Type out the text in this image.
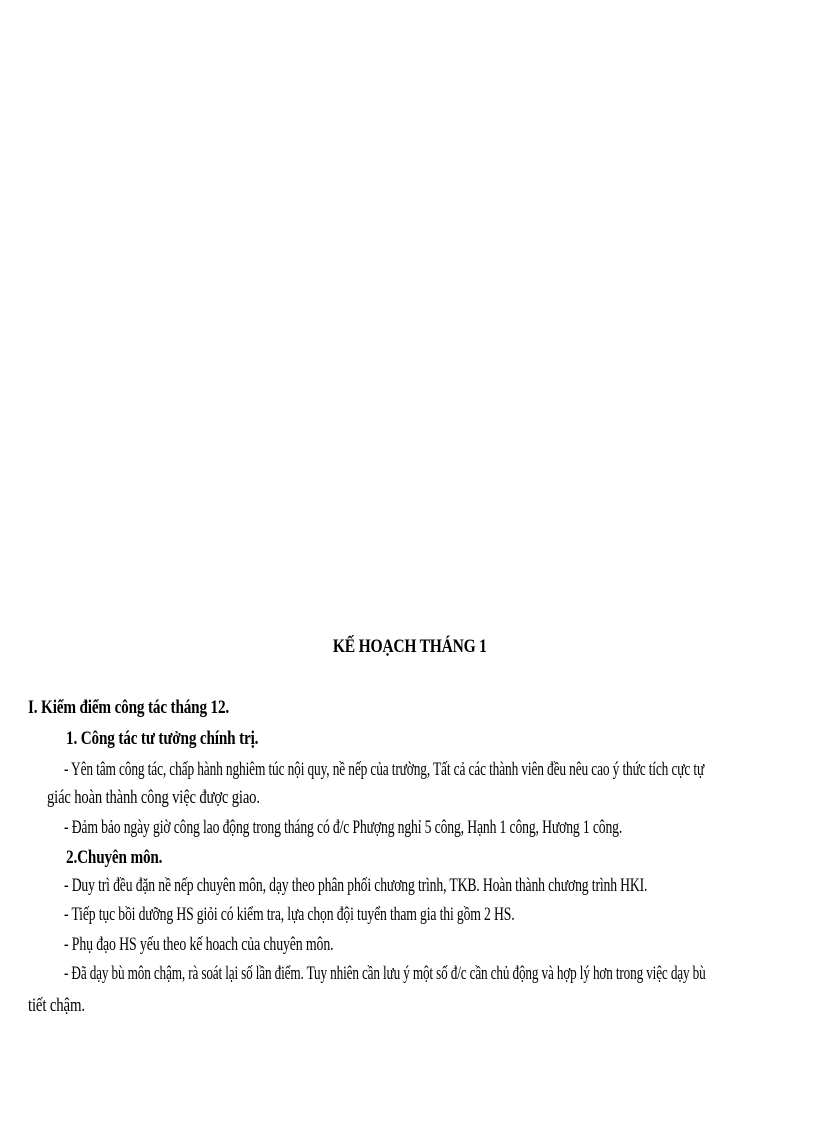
KẾ HOẠCH THÁNG 1
I. Kiểm điểm công tác tháng 12.
1. Công tác tư tưởng chính trị.
- Yên tâm công tác, chấp hành nghiêm túc nội quy, nề nếp của trường, Tất cả các thành viên đều nêu cao ý thức tích cực tự
giác hoàn thành công việc được giao.
- Đảm bảo ngày giờ công lao động trong tháng có đ/c Phượng nghỉ 5 công, Hạnh 1 công, Hương 1 công.
2.Chuyên môn.
- Duy trì đều đặn nề nếp chuyên môn, dạy theo phân phối chương trình, TKB. Hoàn thành chương trình HKI.
- Tiếp tục bồi dưỡng HS giỏi có kiểm tra, lựa chọn đội tuyển tham gia thi gồm 2 HS.
- Phụ đạo HS yếu theo kế hoach của chuyên môn.
- Đã dạy bù môn chậm, rà soát lại số lần điểm. Tuy nhiên cần lưu ý một số đ/c cần chủ động và hợp lý hơn trong việc dạy bù
tiết chậm.
